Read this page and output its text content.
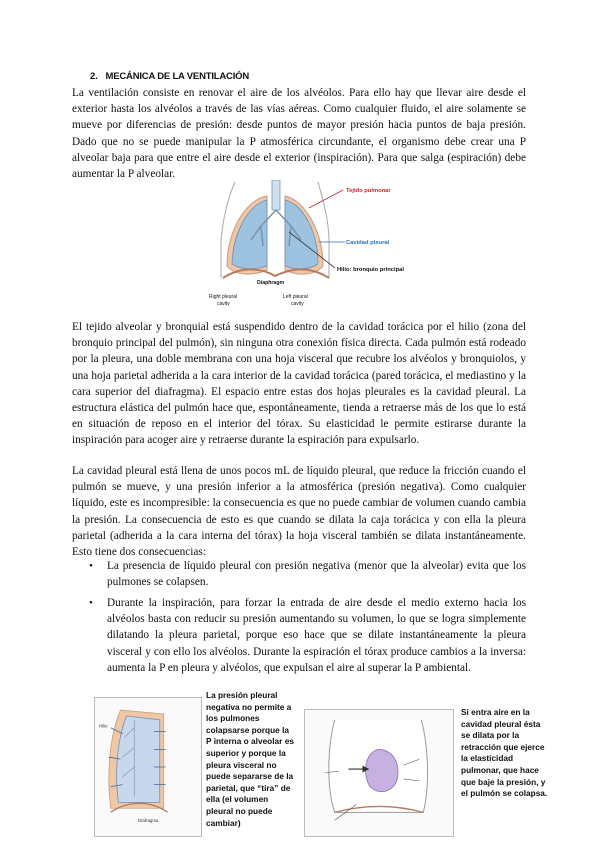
2. MECÁNICA DE LA VENTILACIÓN

La ventilación consiste en renovar el aire de los alvéolos. Para ello hay que llevar aire desde el exterior hasta los alvéolos a través de las vías aéreas. Como cualquier fluido, el aire solamente se mueve por diferencias de presión: desde puntos de mayor presión hacia puntos de baja presión. Dado que no se puede manipular la P atmosférica circundante, el organismo debe crear una P alveolar baja para que entre el aire desde el exterior (inspiración). Para que salga (espiración) debe aumentar la P alveolar.

Tejido pulmonar
Cavidad pleural
Hilio: bronquio principal
Diaphragm
Right pleural
cavity
Left pleural
cavity

El tejido alveolar y bronquial está suspendido dentro de la cavidad torácica por el hilio (zona del bronquio principal del pulmón), sin ninguna otra conexión física directa. Cada pulmón está rodeado por la pleura, una doble membrana con una hoja visceral que recubre los alvéolos y bronquiolos, y una hoja parietal adherida a la cara interior de la cavidad torácica (pared torácica, el mediastino y la cara superior del diafragma). El espacio entre estas dos hojas pleurales es la cavidad pleural. La estructura elástica del pulmón hace que, espontáneamente, tienda a retraerse más de los que lo está en situación de reposo en el interior del tórax. Su elasticidad le permite estirarse durante la inspiración para acoger aire y retraerse durante la espiración para expulsarlo.

La cavidad pleural está llena de unos pocos mL de líquido pleural, que reduce la fricción cuando el pulmón se mueve, y una presión inferior a la atmosférica (presión negativa). Como cualquier líquido, este es incompresible: la consecuencia es que no puede cambiar de volumen cuando cambia la presión. La consecuencia de esto es que cuando se dilata la caja torácica y con ella la pleura parietal (adherida a la cara interna del tórax) la hoja visceral también se dilata instantáneamente. Esto tiene dos consecuencias:

• La presencia de líquido pleural con presión negativa (menor que la alveolar) evita que los pulmones se colapsen.
• Durante la inspiración, para forzar la entrada de aire desde el medio externo hacia los alvéolos basta con reducir su presión aumentando su volumen, lo que se logra simplemente dilatando la pleura parietal, porque eso hace que se dilate instantáneamente la pleura visceral y con ello los alvéolos. Durante la espiración el tórax produce cambios a la inversa: aumenta la P en pleura y alvéolos, que expulsan el aire al superar la P ambiental.
Hilio
Diafragma

La presión pleural negativa no permite a los pulmones colapsarse porque la P interna o alveolar es superior y porque la pleura visceral no puede separarse de la parietal, que “tira” de ella (el volumen pleural no puede cambiar)

Si entra aire en la cavidad pleural ésta se dilata por la retracción que ejerce la elasticidad pulmonar, que hace que baje la presión, y el pulmón se colapsa.
